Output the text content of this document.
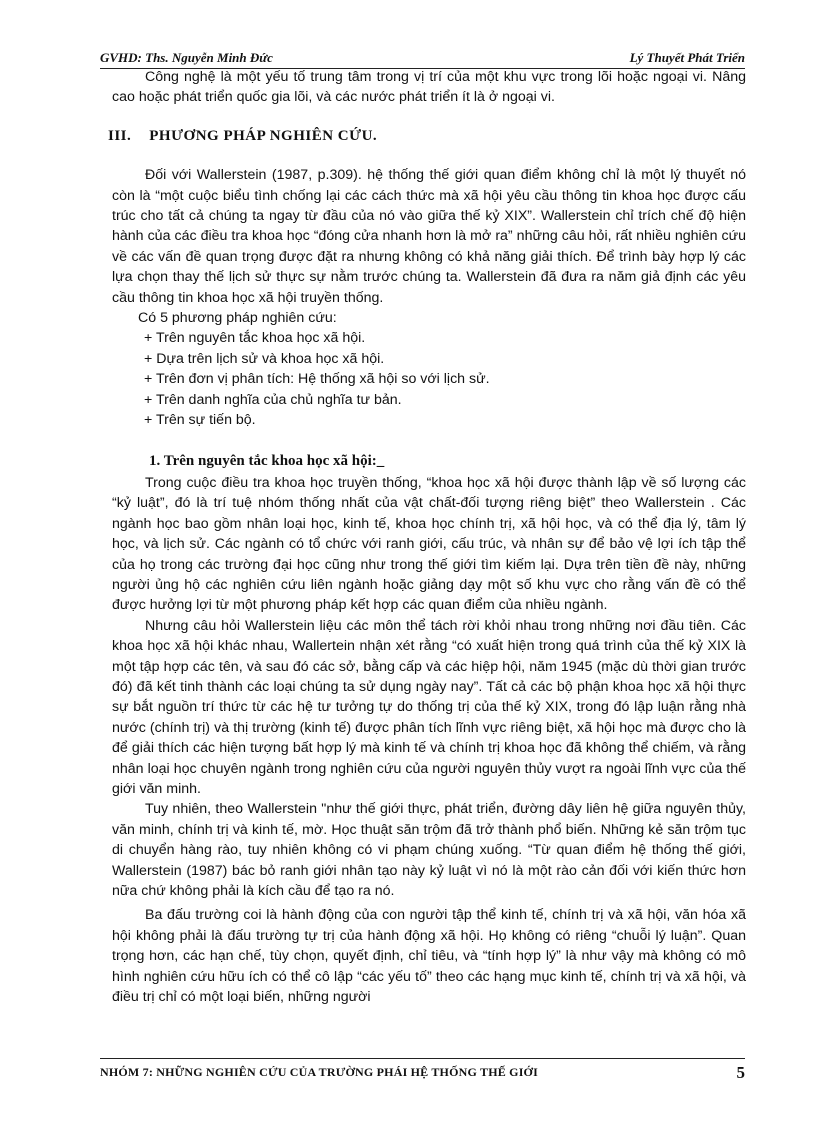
GVHD: Ths. Nguyễn Minh Đức	Lý Thuyết Phát Triển

Công nghệ là một yếu tố trung tâm trong vị trí của một khu vực trong lõi hoặc ngoại vi. Nâng cao hoặc phát triển quốc gia lõi, và các nước phát triển ít là ở ngoại vi.

III. PHƯƠNG PHÁP NGHIÊN CỨU.

Đối với Wallerstein (1987, p.309). hệ thống thế giới quan điểm không chỉ là một lý thuyết nó còn là “một cuộc biểu tình chống lại các cách thức mà xã hội yêu cầu thông tin khoa học được cấu trúc cho tất cả chúng ta ngay từ đầu của nó vào giữa thế kỷ XIX”. Wallerstein chỉ trích chế độ hiện hành của các điều tra khoa học “đóng cửa nhanh hơn là mở ra” những câu hỏi, rất nhiều nghiên cứu về các vấn đề quan trọng được đặt ra nhưng không có khả năng giải thích. Để trình bày hợp lý các lựa chọn thay thế lịch sử thực sự nằm trước chúng ta. Wallerstein đã đưa ra năm giả định các yêu cầu thông tin khoa học xã hội truyền thống.

Có 5 phương pháp nghiên cứu:

+ Trên nguyên tắc khoa học xã hội.
+ Dựa trên lịch sử và khoa học xã hội.
+ Trên đơn vị phân tích: Hệ thống xã hội so với lịch sử.
+ Trên danh nghĩa của chủ nghĩa tư bản.
+ Trên sự tiến bộ.
1. Trên nguyên tắc khoa học xã hội:_

Trong cuộc điều tra khoa học truyền thống, “khoa học xã hội được thành lập về số lượng các “kỷ luật”, đó là trí tuệ nhóm thống nhất của vật chất-đối tượng riêng biệt” theo Wallerstein . Các ngành học bao gồm nhân loại học, kinh tế, khoa học chính trị, xã hội học, và có thể địa lý, tâm lý học, và lịch sử. Các ngành có tổ chức với ranh giới, cấu trúc, và nhân sự để bảo vệ lợi ích tập thể của họ trong các trường đại học cũng như trong thế giới tìm kiếm lại. Dựa trên tiền đề này, những người ủng hộ các nghiên cứu liên ngành hoặc giảng dạy một số khu vực cho rằng vấn đề có thể được hưởng lợi từ một phương pháp kết hợp các quan điểm của nhiều ngành.

Nhưng câu hỏi Wallerstein liệu các môn thể tách rời khỏi nhau trong những nơi đầu tiên. Các khoa học xã hội khác nhau, Wallertein nhận xét rằng “có xuất hiện trong quá trình của thế kỷ XIX là một tập hợp các tên, và sau đó các sở, bằng cấp và các hiệp hội, năm 1945 (mặc dù thời gian trước đó) đã kết tinh thành các loại chúng ta sử dụng ngày nay”. Tất cả các bộ phận khoa học xã hội thực sự bắt nguồn trí thức từ các hệ tư tưởng tự do thống trị của thế kỷ XIX, trong đó lập luận rằng nhà nước (chính trị) và thị trường (kinh tế) được phân tích lĩnh vực riêng biệt, xã hội học mà được cho là để giải thích các hiện tượng bất hợp lý mà kinh tế và chính trị khoa học đã không thể chiếm, và rằng nhân loại học chuyên ngành trong nghiên cứu của người nguyên thủy vượt ra ngoài lĩnh vực của thế giới văn minh.

Tuy nhiên, theo Wallerstein "như thế giới thực, phát triển, đường dây liên hệ giữa nguyên thủy, văn minh, chính trị và kinh tế, mờ. Học thuật săn trộm đã trở thành phổ biến. Những kẻ săn trộm tục di chuyển hàng rào, tuy nhiên không có vi phạm chúng xuống. “Từ quan điểm hệ thống thế giới, Wallerstein (1987) bác bỏ ranh giới nhân tạo này kỷ luật vì nó là một rào cản đối với kiến thức hơn nữa chứ không phải là kích cầu để tạo ra nó.

Ba đấu trường coi là hành động của con người tập thể kinh tế, chính trị và xã hội, văn hóa xã hội không phải là đấu trường tự trị của hành động xã hội. Họ không có riêng “chuỗi lý luận”. Quan trọng hơn, các hạn chế, tùy chọn, quyết định, chỉ tiêu, và “tính hợp lý” là như vậy mà không có mô hình nghiên cứu hữu ích có thể cô lập “các yếu tố” theo các hạng mục kinh tế, chính trị và xã hội, và điều trị chỉ có một loại biến, những người

NHÓM 7: NHỮNG NGHIÊN CỨU CỦA TRƯỜNG PHÁI HỆ THỐNG THẾ GIỚI	5
